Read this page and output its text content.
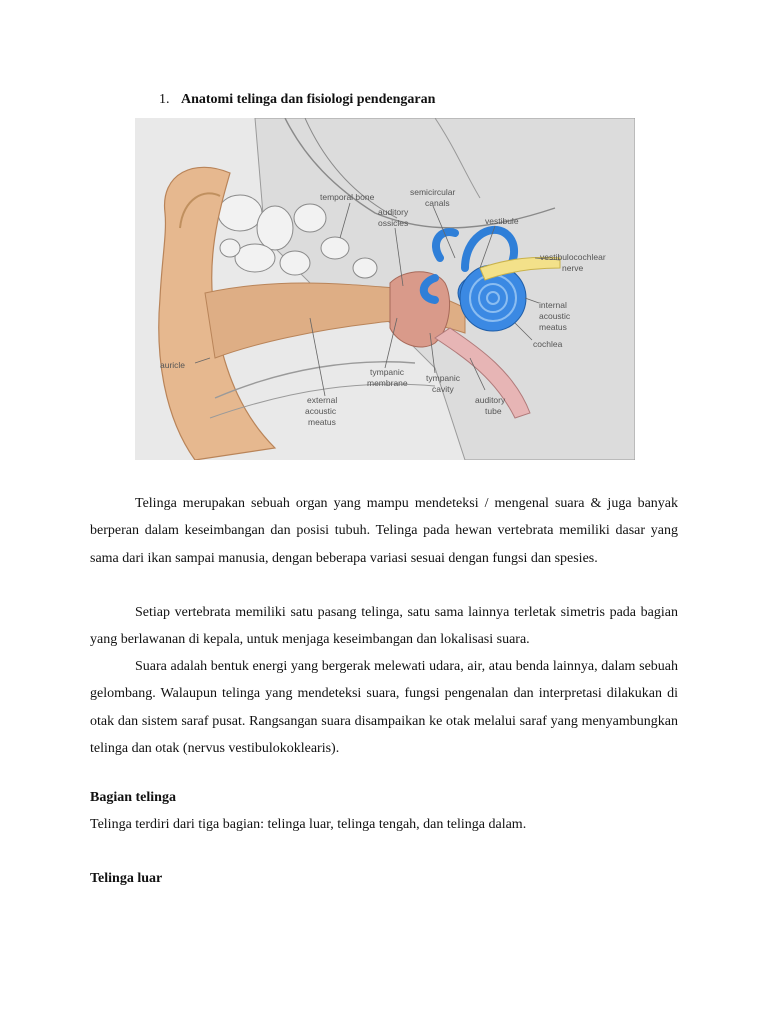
1. Anatomi telinga dan fisiologi pendengaran
temporal bone	semicircular
canals
auditory
ossicles	vestibule
vestibulocochlear
nerve
internal
acoustic
meatus
cochlea
auricle
tympanic
membrane tympanic
cavity
auditory
tube
external
acoustic
meatus

Telinga merupakan sebuah organ yang mampu mendeteksi / mengenal suara & juga banyak berperan dalam keseimbangan dan posisi tubuh. Telinga pada hewan vertebrata memiliki dasar yang sama dari ikan sampai manusia, dengan beberapa variasi sesuai dengan fungsi dan spesies.

Setiap vertebrata memiliki satu pasang telinga, satu sama lainnya terletak simetris pada bagian yang berlawanan di kepala, untuk menjaga keseimbangan dan lokalisasi suara.

Suara adalah bentuk energi yang bergerak melewati udara, air, atau benda lainnya, dalam sebuah gelombang. Walaupun telinga yang mendeteksi suara, fungsi pengenalan dan interpretasi dilakukan di otak dan sistem saraf pusat. Rangsangan suara disampaikan ke otak melalui saraf yang menyambungkan telinga dan otak (nervus vestibulokoklearis).

Bagian telinga

Telinga terdiri dari tiga bagian: telinga luar, telinga tengah, dan telinga dalam.

Telinga luar
